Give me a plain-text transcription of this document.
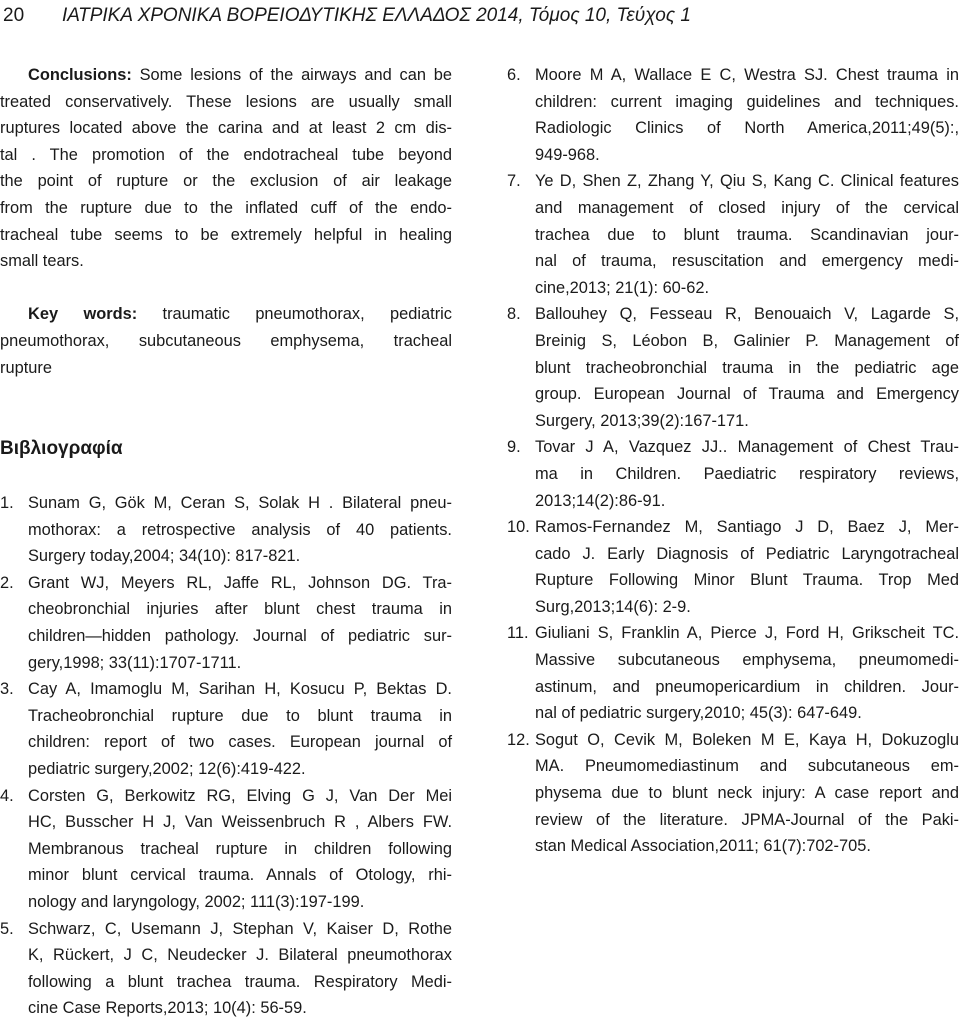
20 ΙΑΤΡΙΚΑ ΧΡΟΝΙΚΑ ΒΟΡΕΙΟΔΥΤΙΚΗΣ ΕΛΛΑΔΟΣ 2014, Τόμος 10, Τεύχος 1
Conclusions: Some lesions of the airways and can be
treated conservatively. These lesions are usually small
ruptures located above the carina and at least 2 cm dis-
tal . The promotion of the endotracheal tube beyond
the point of rupture or the exclusion of air leakage
from the rupture due to the inflated cuff of the endo-
tracheal tube seems to be extremely helpful in healing
small tears.
Key words: traumatic pneumothorax, pediatric
pneumothorax, subcutaneous emphysema, tracheal
rupture
Βιβλιογραφία
1. Sunam G, Gök M, Ceran S, Solak H . Bilateral pneu-
mothorax: a retrospective analysis of 40 patients.
Surgery today,2004; 34(10): 817-821.
2. Grant WJ, Meyers RL, Jaffe RL, Johnson DG. Tra-
cheobronchial injuries after blunt chest trauma in
children—hidden pathology. Journal of pediatric sur-
gery,1998; 33(11):1707-1711.
3. Cay A, Imamoglu M, Sarihan H, Kosucu P, Bektas D.
Tracheobronchial rupture due to blunt trauma in
children: report of two cases. European journal of
pediatric surgery,2002; 12(6):419-422.
4. Corsten G, Berkowitz RG, Elving G J, Van Der Mei
HC, Busscher H J, Van Weissenbruch R , Albers FW.
Membranous tracheal rupture in children following
minor blunt cervical trauma. Annals of Otology, rhi-
nology and laryngology, 2002; 111(3):197-199.
5. Schwarz, C, Usemann J, Stephan V, Kaiser D, Rothe
K, Rückert, J C, Neudecker J. Bilateral pneumothorax
following a blunt trachea trauma. Respiratory Medi-
cine Case Reports,2013; 10(4): 56-59.
6. Moore M A, Wallace E C, Westra SJ. Chest trauma in
children: current imaging guidelines and techniques.
Radiologic Clinics of North America,2011;49(5):,
949-968.
7. Ye D, Shen Z, Zhang Y, Qiu S, Kang C. Clinical features
and management of closed injury of the cervical
trachea due to blunt trauma. Scandinavian jour-
nal of trauma, resuscitation and emergency medi-
cine,2013; 21(1): 60-62.
8. Ballouhey Q, Fesseau R, Benouaich V, Lagarde S,
Breinig S, Léobon B, Galinier P. Management of
blunt tracheobronchial trauma in the pediatric age
group. European Journal of Trauma and Emergency
Surgery, 2013;39(2):167-171.
9. Tovar J A, Vazquez JJ.. Management of Chest Trau-
ma in Children. Paediatric respiratory reviews,
2013;14(2):86-91.
10. Ramos-Fernandez M, Santiago J D, Baez J, Mer-
cado J. Early Diagnosis of Pediatric Laryngotracheal
Rupture Following Minor Blunt Trauma. Trop Med
Surg,2013;14(6): 2-9.
11. Giuliani S, Franklin A, Pierce J, Ford H, Grikscheit TC.
Massive subcutaneous emphysema, pneumomedi-
astinum, and pneumopericardium in children. Jour-
nal of pediatric surgery,2010; 45(3): 647-649.
12. Sogut O, Cevik M, Boleken M E, Kaya H, Dokuzoglu
MA. Pneumomediastinum and subcutaneous em-
physema due to blunt neck injury: A case report and
review of the literature. JPMA-Journal of the Paki-
stan Medical Association,2011; 61(7):702-705.
